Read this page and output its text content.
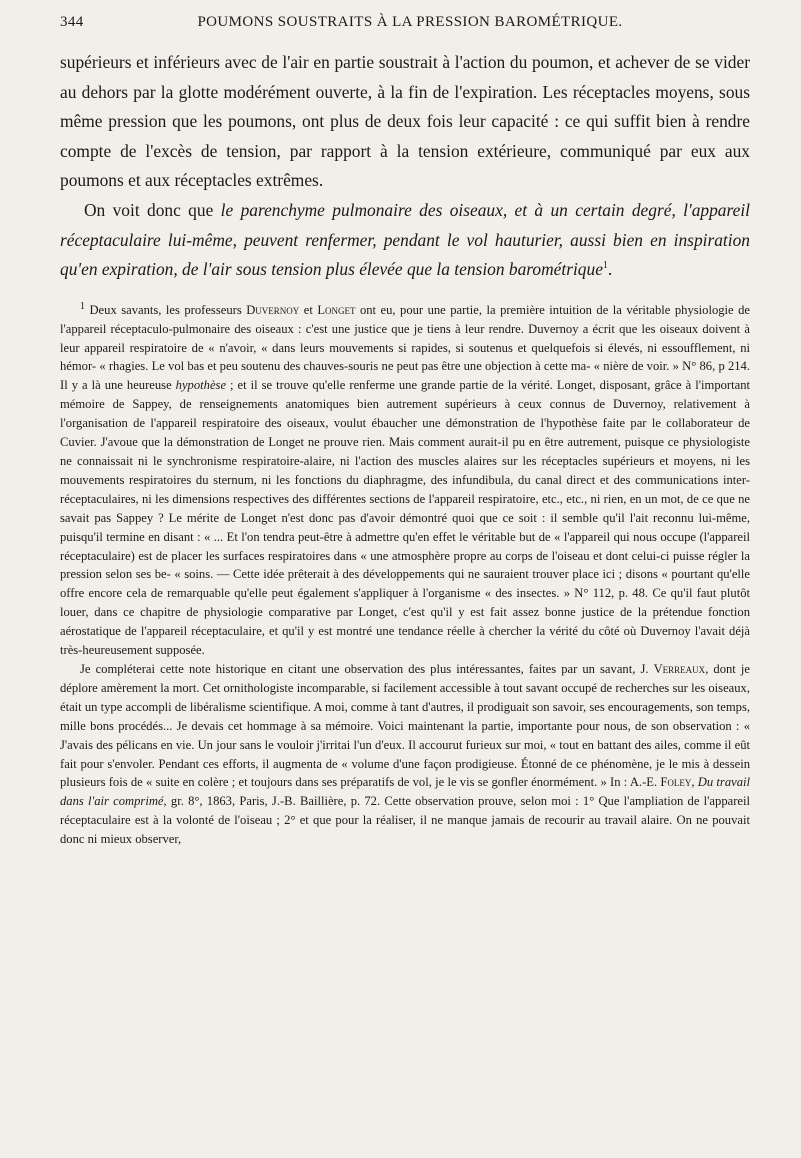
344	POUMONS SOUSTRAITS À LA PRESSION BAROMÉTRIQUE.

supérieurs et inférieurs avec de l'air en partie soustrait à l'action du poumon, et achever de se vider au dehors par la glotte modérément ouverte, à la fin de l'expiration. Les réceptacles moyens, sous même pression que les poumons, ont plus de deux fois leur capacité : ce qui suffit bien à rendre compte de l'excès de tension, par rapport à la tension extérieure, communiqué par eux aux poumons et aux réceptacles extrêmes.

On voit donc que le parenchyme pulmonaire des oiseaux, et à un certain degré, l'appareil réceptaculaire lui-même, peuvent renfermer, pendant le vol hauturier, aussi bien en inspiration qu'en expiration, de l'air sous tension plus élevée que la tension barométrique$^1$.

$^1$ Deux savants, les professeurs Duvernoy et Longet ont eu, pour une partie, la première intuition de la véritable physiologie de l'appareil réceptaculo-pulmonaire des oiseaux : c'est une justice que je tiens à leur rendre. Duvernoy a écrit que les oiseaux doivent à leur appareil respiratoire de « n'avoir, « dans leurs mouvements si rapides, si soutenus et quelquefois si élevés, ni essoufflement, ni hémor- « rhagies. Le vol bas et peu soutenu des chauves-souris ne peut pas être une objection à cette ma- « nière de voir. » N° 86, p 214. Il y a là une heureuse hypothèse ; et il se trouve qu'elle renferme une grande partie de la vérité. Longet, disposant, grâce à l'important mémoire de Sappey, de renseignements anatomiques bien autrement supérieurs à ceux connus de Duvernoy, relativement à l'organisation de l'appareil respiratoire des oiseaux, voulut ébaucher une démonstration de l'hypothèse faite par le collaborateur de Cuvier. J'avoue que la démonstration de Longet ne prouve rien. Mais comment aurait-il pu en être autrement, puisque ce physiologiste ne connaissait ni le synchronisme respiratoire-alaire, ni l'action des muscles alaires sur les réceptacles supérieurs et moyens, ni les mouvements respiratoires du sternum, ni les fonctions du diaphragme, des infundibula, du canal direct et des communications inter-réceptaculaires, ni les dimensions respectives des différentes sections de l'appareil respiratoire, etc., etc., ni rien, en un mot, de ce que ne savait pas Sappey ? Le mérite de Longet n'est donc pas d'avoir démontré quoi que ce soit : il semble qu'il l'ait reconnu lui-même, puisqu'il termine en disant : « ... Et l'on tendra peut-être à admettre qu'en effet le véritable but de « l'appareil qui nous occupe (l'appareil réceptaculaire) est de placer les surfaces respiratoires dans « une atmosphère propre au corps de l'oiseau et dont celui-ci puisse régler la pression selon ses be- « soins. — Cette idée prêterait à des développements qui ne sauraient trouver place ici ; disons « pourtant qu'elle offre encore cela de remarquable qu'elle peut également s'appliquer à l'organisme « des insectes. » N° 112, p. 48. Ce qu'il faut plutôt louer, dans ce chapitre de physiologie comparative par Longet, c'est qu'il y est fait assez bonne justice de la prétendue fonction aérostatique de l'appareil réceptaculaire, et qu'il y est montré une tendance réelle à chercher la vérité du côté où Duvernoy l'avait déjà très-heureusement supposée.

Je compléterai cette note historique en citant une observation des plus intéressantes, faites par un savant, J. Verreaux, dont je déplore amèrement la mort. Cet ornithologiste incomparable, si facilement accessible à tout savant occupé de recherches sur les oiseaux, était un type accompli de libéralisme scientifique. A moi, comme à tant d'autres, il prodiguait son savoir, ses encouragements, son temps, mille bons procédés... Je devais cet hommage à sa mémoire. Voici maintenant la partie, importante pour nous, de son observation : « J'avais des pélicans en vie. Un jour sans le vouloir j'irritai l'un d'eux. Il accourut furieux sur moi, « tout en battant des ailes, comme il eût fait pour s'envoler. Pendant ces efforts, il augmenta de « volume d'une façon prodigieuse. Étonné de ce phénomène, je le mis à dessein plusieurs fois de « suite en colère ; et toujours dans ses préparatifs de vol, je le vis se gonfler énormément. » In : A.-E. Foley, Du travail dans l'air comprimé, gr. 8°, 1863, Paris, J.-B. Baillière, p. 72. Cette observation prouve, selon moi : 1° Que l'ampliation de l'appareil réceptaculaire est à la volonté de l'oiseau ; 2° et que pour la réaliser, il ne manque jamais de recourir au travail alaire. On ne pouvait donc ni mieux observer,
